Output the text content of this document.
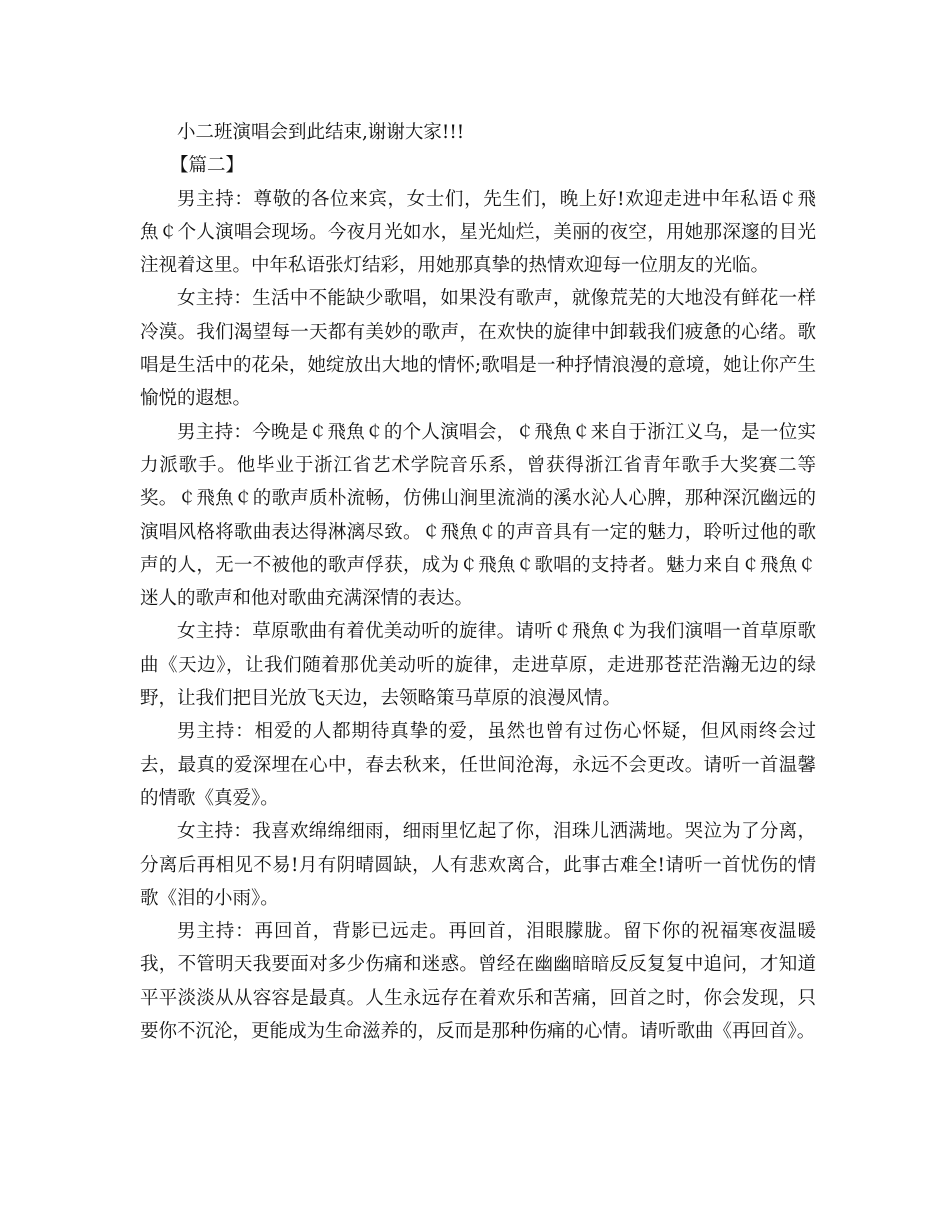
小二班演唱会到此结束,谢谢大家!!!

【篇二】

男主持：尊敬的各位来宾，女士们，先生们，晚上好!欢迎走进中年私语￠飛魚￠个人演唱会现场。今夜月光如水，星光灿烂，美丽的夜空，用她那深邃的目光注视着这里。中年私语张灯结彩，用她那真挚的热情欢迎每一位朋友的光临。

女主持：生活中不能缺少歌唱，如果没有歌声，就像荒芜的大地没有鲜花一样冷漠。我们渴望每一天都有美妙的歌声，在欢快的旋律中卸载我们疲惫的心绪。歌唱是生活中的花朵，她绽放出大地的情怀;歌唱是一种抒情浪漫的意境，她让你产生愉悦的遐想。

男主持：今晚是￠飛魚￠的个人演唱会，￠飛魚￠来自于浙江义乌，是一位实力派歌手。他毕业于浙江省艺术学院音乐系，曾获得浙江省青年歌手大奖赛二等奖。￠飛魚￠的歌声质朴流畅，仿佛山涧里流淌的溪水沁人心脾，那种深沉幽远的演唱风格将歌曲表达得淋漓尽致。￠飛魚￠的声音具有一定的魅力，聆听过他的歌声的人，无一不被他的歌声俘获，成为￠飛魚￠歌唱的支持者。魅力来自￠飛魚￠迷人的歌声和他对歌曲充满深情的表达。

女主持：草原歌曲有着优美动听的旋律。请听￠飛魚￠为我们演唱一首草原歌曲《天边》，让我们随着那优美动听的旋律，走进草原，走进那苍茫浩瀚无边的绿野，让我们把目光放飞天边，去领略策马草原的浪漫风情。

男主持：相爱的人都期待真挚的爱，虽然也曾有过伤心怀疑，但风雨终会过去，最真的爱深埋在心中，春去秋来，任世间沧海，永远不会更改。请听一首温馨的情歌《真爱》。

女主持：我喜欢绵绵细雨，细雨里忆起了你，泪珠儿洒满地。哭泣为了分离，分离后再相见不易!月有阴晴圆缺，人有悲欢离合，此事古难全!请听一首忧伤的情歌《泪的小雨》。

男主持：再回首，背影已远走。再回首，泪眼朦胧。留下你的祝福寒夜温暖我，不管明天我要面对多少伤痛和迷惑。曾经在幽幽暗暗反反复复中追问，才知道平平淡淡从从容容是最真。人生永远存在着欢乐和苦痛，回首之时，你会发现，只要你不沉沦，更能成为生命滋养的，反而是那种伤痛的心情。请听歌曲《再回首》。
